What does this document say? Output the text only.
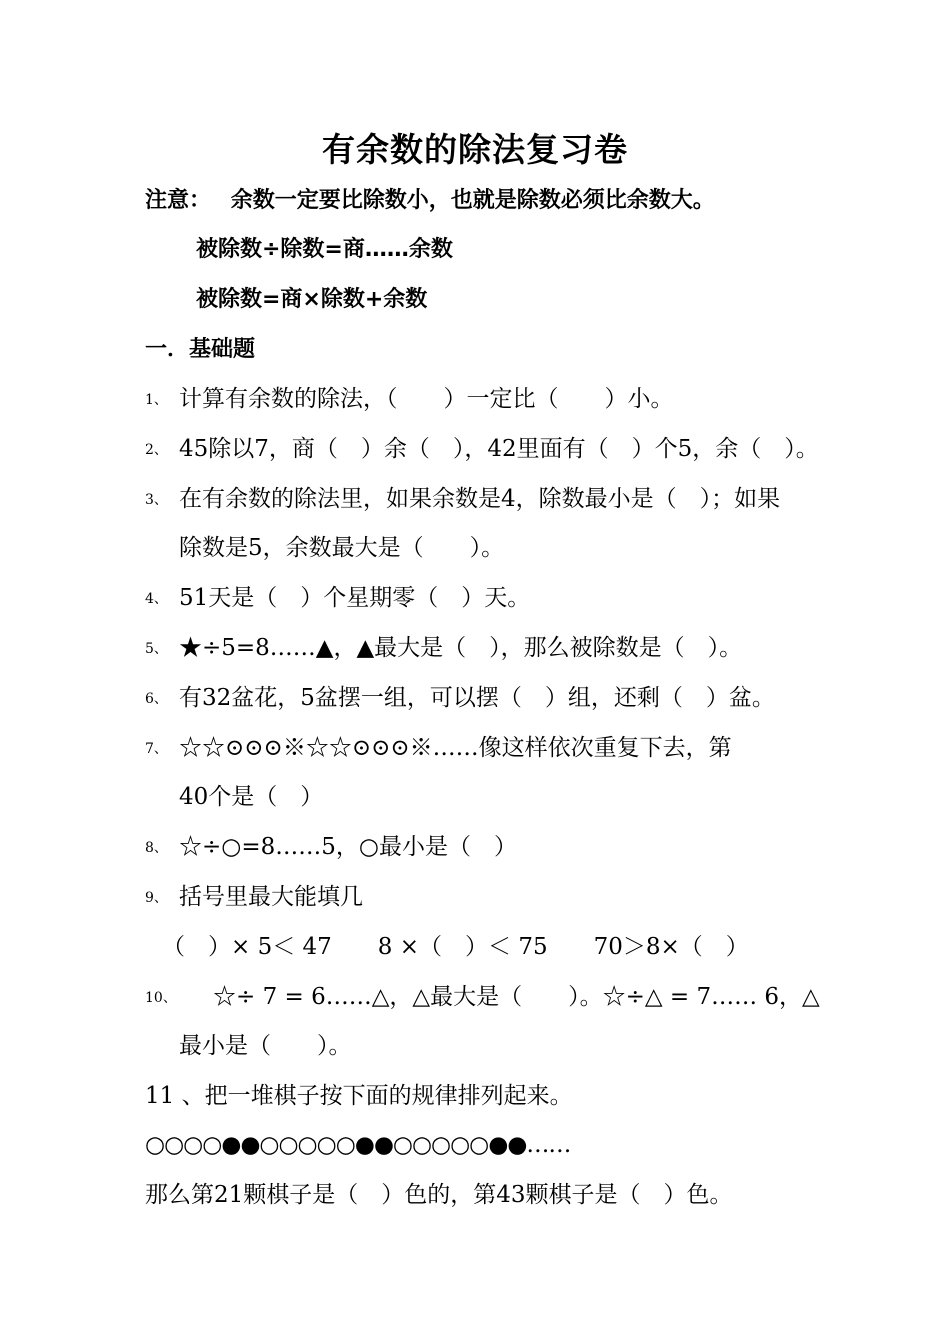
有余数的除法复习卷
注意： 余数一定要比除数小，也就是除数必须比余数大。
被除数÷除数=商……余数
被除数=商×除数+余数
一．基础题
1、 计算有余数的除法，（　　）一定比（　　）小。
2、 45除以7，商（　）余（　），42里面有（　）个5，余（　）。
3、 在有余数的除法里，如果余数是4，除数最小是（　）；如果
除数是5，余数最大是（　　）。
4、 51天是（　）个星期零（　）天。
5、 ★÷5=8……▲，▲最大是（　），那么被除数是（　）。
6、 有32盆花，5盆摆一组，可以摆（　）组，还剩（　）盆。
7、 ☆☆⊙⊙⊙※☆☆⊙⊙⊙※……像这样依次重复下去，第
40个是（　）
8、 ☆÷○=8……5，○最小是（　）
9、 括号里最大能填几
（　）× 5＜ 47　　8 ×（　）＜ 75　　70＞8×（　）
10、 ☆÷ 7 = 6……△，△最大是（　　）。☆÷△ = 7…… 6，△
最小是（　　）。
11 、把一堆棋子按下面的规律排列起来。
○○○○●●○○○○○●●○○○○○●●……
那么第21颗棋子是（　）色的，第43颗棋子是（　）色。
